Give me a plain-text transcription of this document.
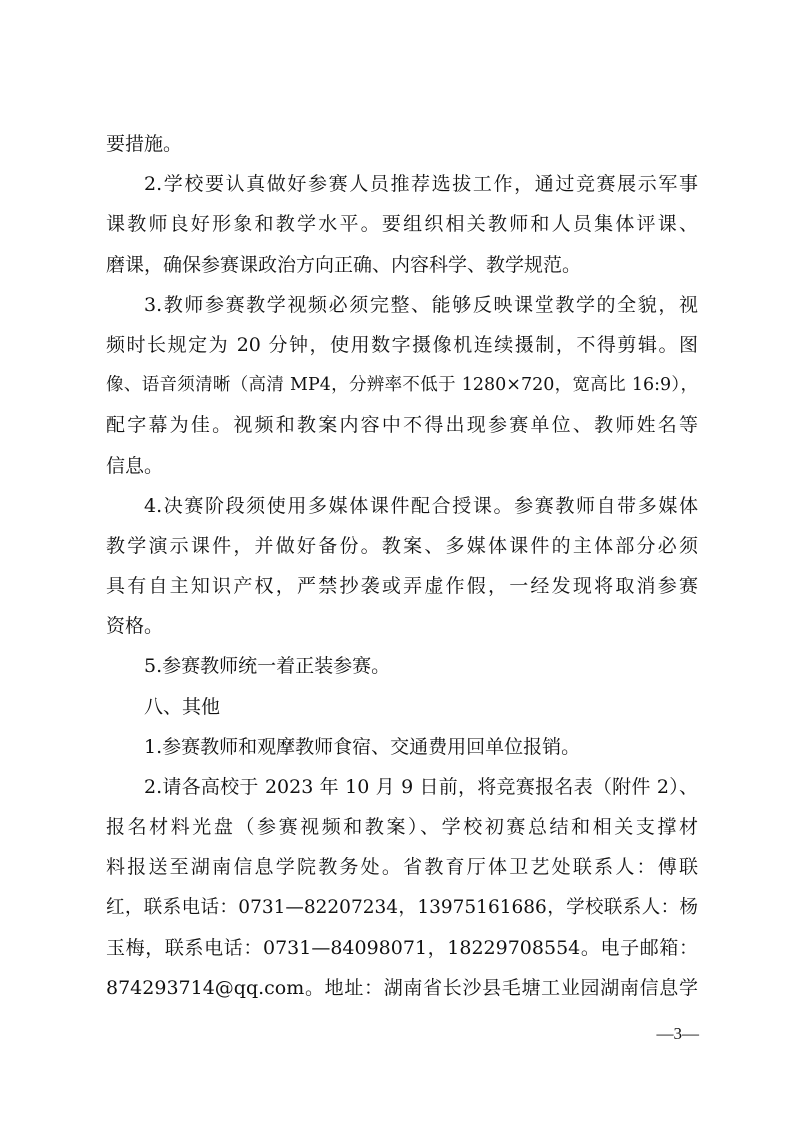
要措施。
2.学校要认真做好参赛人员推荐选拔工作，通过竞赛展示军事
课教师良好形象和教学水平。要组织相关教师和人员集体评课、
磨课，确保参赛课政治方向正确、内容科学、教学规范。
3.教师参赛教学视频必须完整、能够反映课堂教学的全貌，视
频时长规定为 20 分钟，使用数字摄像机连续摄制，不得剪辑。图
像、语音须清晰（高清 MP4，分辨率不低于 1280×720，宽高比 16:9），
配字幕为佳。视频和教案内容中不得出现参赛单位、教师姓名等
信息。
4.决赛阶段须使用多媒体课件配合授课。参赛教师自带多媒体
教学演示课件，并做好备份。教案、多媒体课件的主体部分必须
具有自主知识产权，严禁抄袭或弄虚作假，一经发现将取消参赛
资格。
5.参赛教师统一着正装参赛。
八、其他
1.参赛教师和观摩教师食宿、交通费用回单位报销。
2.请各高校于 2023 年 10 月 9 日前，将竞赛报名表（附件 2）、
报名材料光盘（参赛视频和教案）、学校初赛总结和相关支撑材
料报送至湖南信息学院教务处。省教育厅体卫艺处联系人：傅联
红，联系电话：0731—82207234，13975161686，学校联系人：杨
玉梅，联系电话：0731—84098071，18229708554。电子邮箱：
874293714@qq.com。地址：湖南省长沙县毛塘工业园湖南信息学
—3—
